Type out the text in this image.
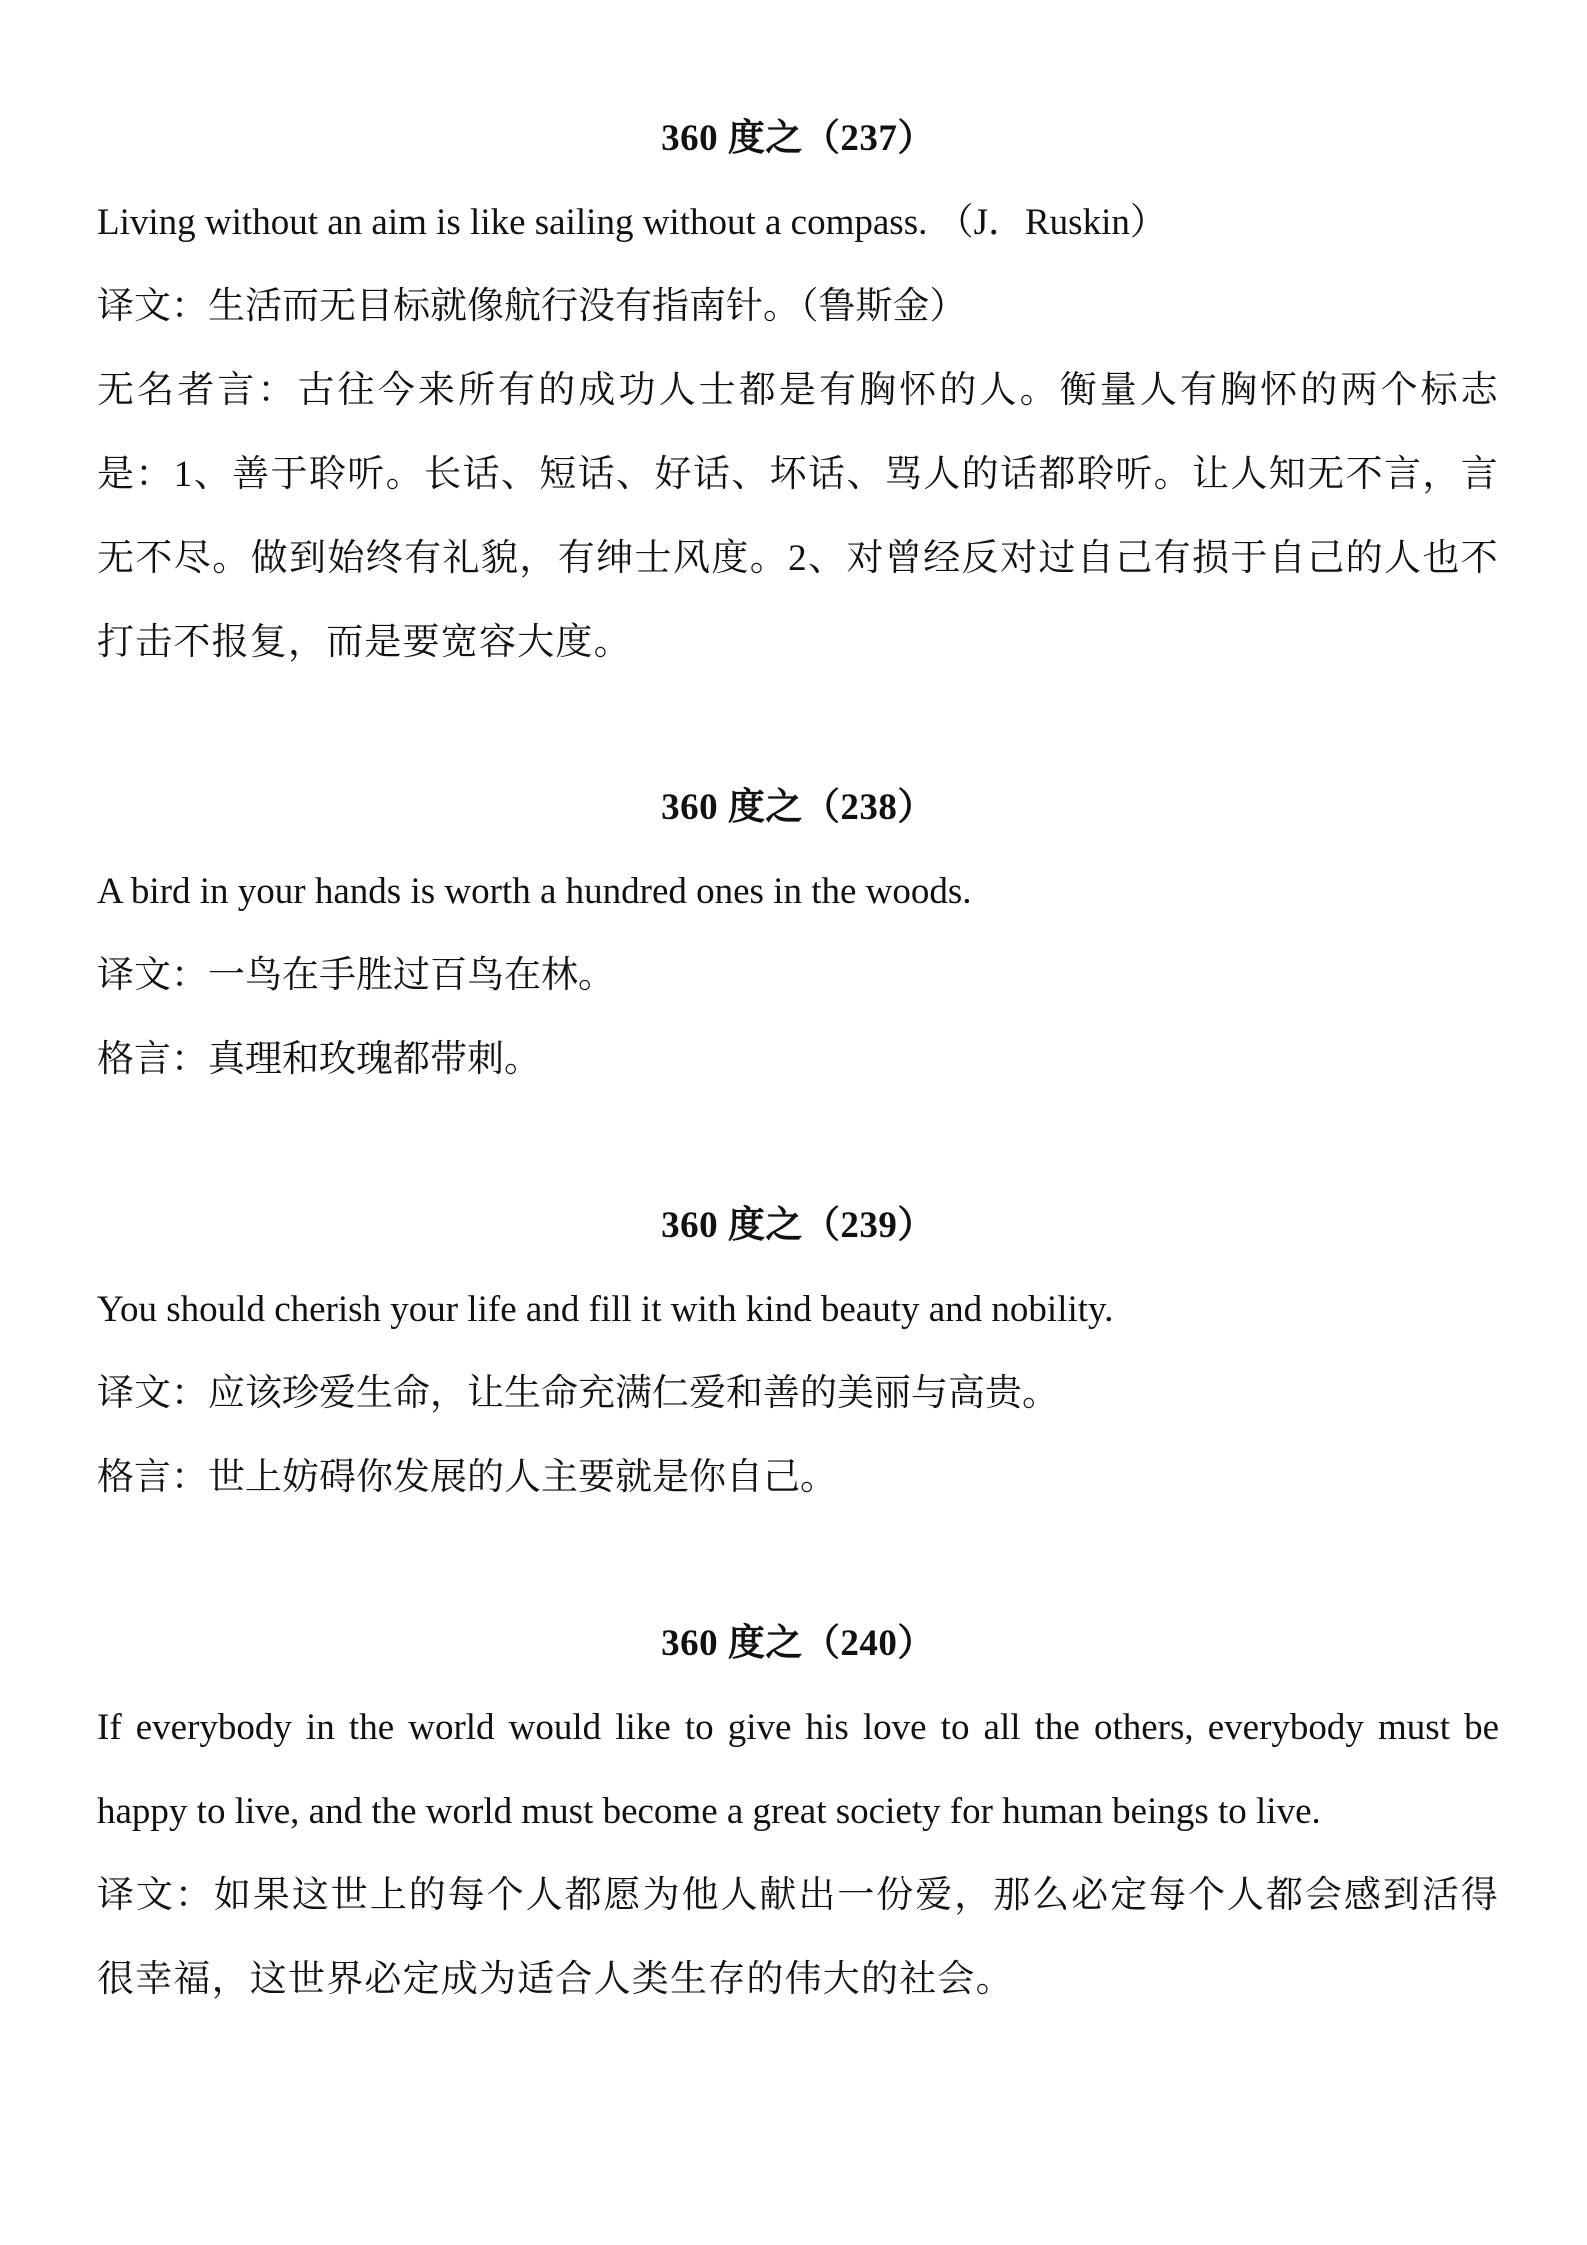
360 度之（237）

Living without an aim is like sailing without a compass. （J．Ruskin）

译文：生活而无目标就像航行没有指南针。（鲁斯金）

无名者言：古往今来所有的成功人士都是有胸怀的人。衡量人有胸怀的两个标志是：1、善于聆听。长话、短话、好话、坏话、骂人的话都聆听。让人知无不言，言无不尽。做到始终有礼貌，有绅士风度。2、对曾经反对过自己有损于自己的人也不打击不报复，而是要宽容大度。

360 度之（238）

A bird in your hands is worth a hundred ones in the woods.

译文：一鸟在手胜过百鸟在林。

格言：真理和玫瑰都带刺。

360 度之（239）

You should cherish your life and fill it with kind beauty and nobility.

译文：应该珍爱生命，让生命充满仁爱和善的美丽与高贵。

格言：世上妨碍你发展的人主要就是你自己。

360 度之（240）

If everybody in the world would like to give his love to all the others, everybody must be happy to live, and the world must become a great society for human beings to live.

译文：如果这世上的每个人都愿为他人献出一份爱，那么必定每个人都会感到活得很幸福，这世界必定成为适合人类生存的伟大的社会。
